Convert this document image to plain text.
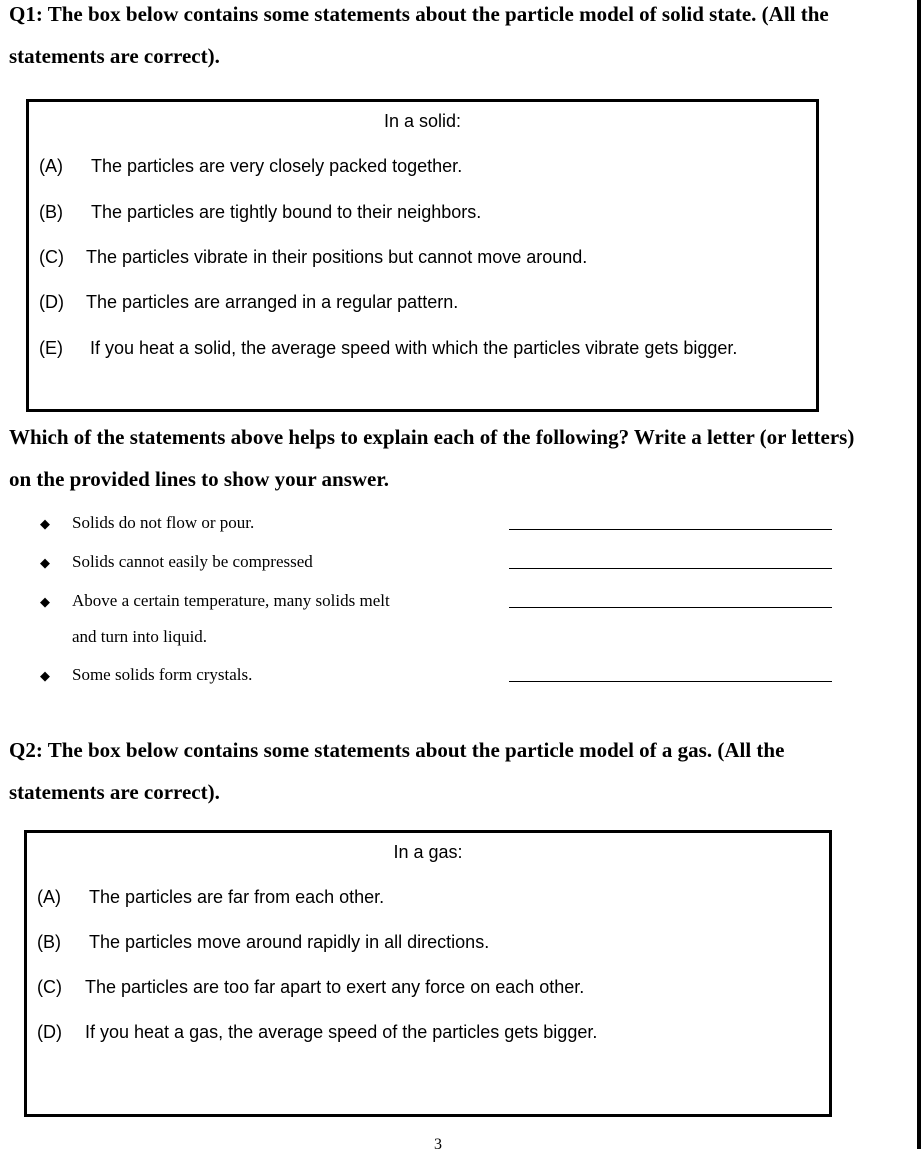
Q1: The box below contains some statements about the particle model of solid state. (All the statements are correct).

In a solid:
(A) The particles are very closely packed together.
(B) The particles are tightly bound to their neighbors.
(C) The particles vibrate in their positions but cannot move around.
(D) The particles are arranged in a regular pattern.
(E) If you heat a solid, the average speed with which the particles vibrate gets bigger.

Which of the statements above helps to explain each of the following? Write a letter (or letters) on the provided lines to show your answer.

◆ Solids do not flow or pour.
◆ Solids cannot easily be compressed
◆ Above a certain temperature, many solids melt and turn into liquid.
◆ Some solids form crystals.

Q2: The box below contains some statements about the particle model of a gas. (All the statements are correct).

In a gas:
(A) The particles are far from each other.
(B) The particles move around rapidly in all directions.
(C) The particles are too far apart to exert any force on each other.
(D) If you heat a gas, the average speed of the particles gets bigger.
3
